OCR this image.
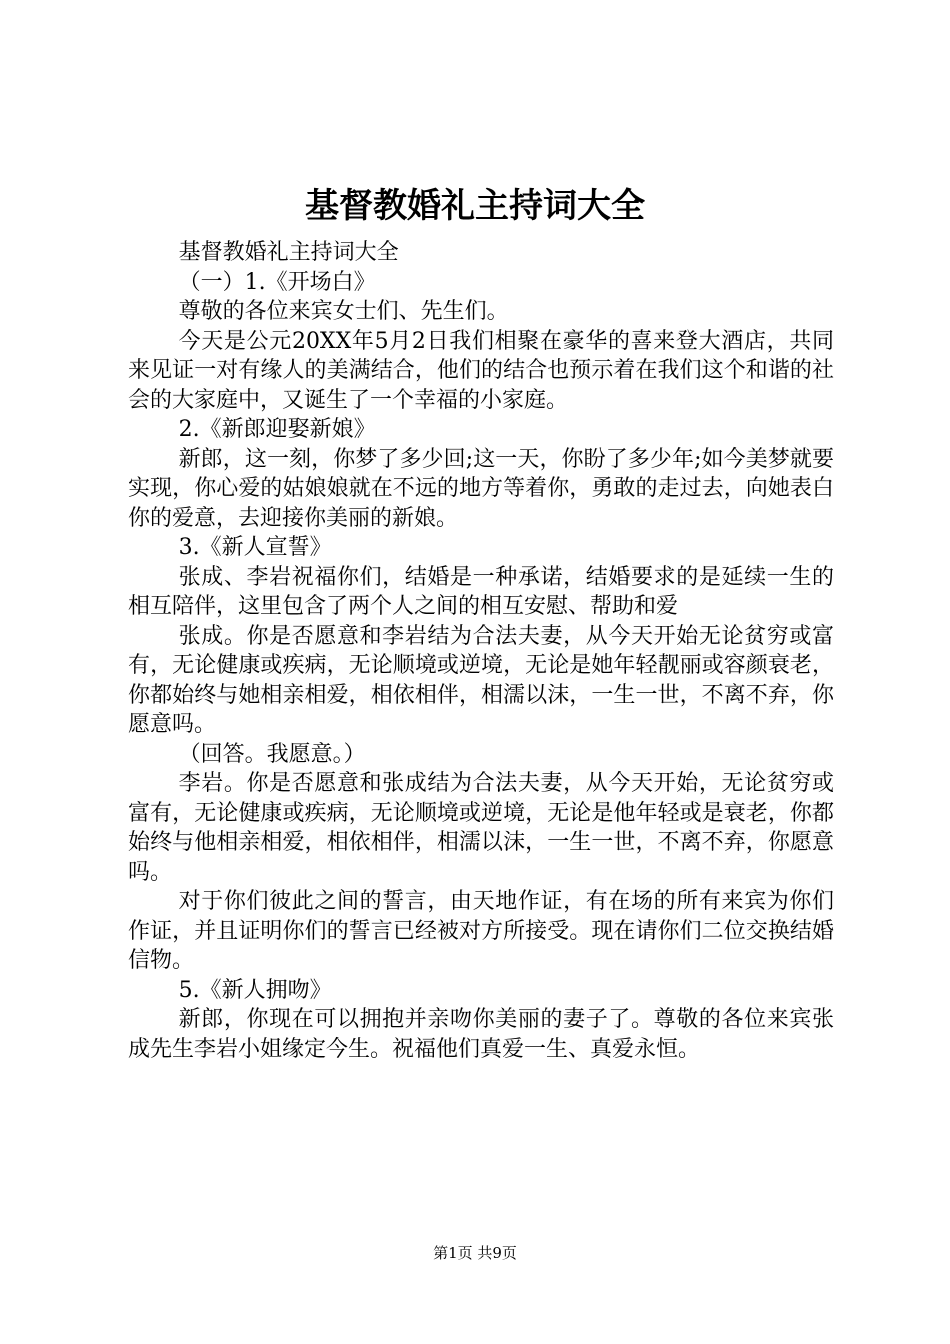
基督教婚礼主持词大全

基督教婚礼主持词大全

（一）1.《开场白》

尊敬的各位来宾女士们、先生们。

今天是公元20XX年5月2日我们相聚在豪华的喜来登大酒店，共同来见证一对有缘人的美满结合，他们的结合也预示着在我们这个和谐的社会的大家庭中，又诞生了一个幸福的小家庭。

2.《新郎迎娶新娘》

新郎，这一刻，你梦了多少回;这一天，你盼了多少年;如今美梦就要实现，你心爱的姑娘娘就在不远的地方等着你，勇敢的走过去，向她表白你的爱意，去迎接你美丽的新娘。

3.《新人宣誓》

张成、李岩祝福你们，结婚是一种承诺，结婚要求的是延续一生的相互陪伴，这里包含了两个人之间的相互安慰、帮助和爱

张成。你是否愿意和李岩结为合法夫妻，从今天开始无论贫穷或富有，无论健康或疾病，无论顺境或逆境，无论是她年轻靓丽或容颜衰老，你都始终与她相亲相爱，相依相伴，相濡以沫，一生一世，不离不弃，你愿意吗。

（回答。我愿意。）

李岩。你是否愿意和张成结为合法夫妻，从今天开始，无论贫穷或富有，无论健康或疾病，无论顺境或逆境，无论是他年轻或是衰老，你都始终与他相亲相爱，相依相伴，相濡以沫，一生一世，不离不弃，你愿意吗。

对于你们彼此之间的誓言，由天地作证，有在场的所有来宾为你们作证，并且证明你们的誓言已经被对方所接受。现在请你们二位交换结婚信物。

5.《新人拥吻》

新郎，你现在可以拥抱并亲吻你美丽的妻子了。尊敬的各位来宾张成先生李岩小姐缘定今生。祝福他们真爱一生、真爱永恒。

第1页 共9页
